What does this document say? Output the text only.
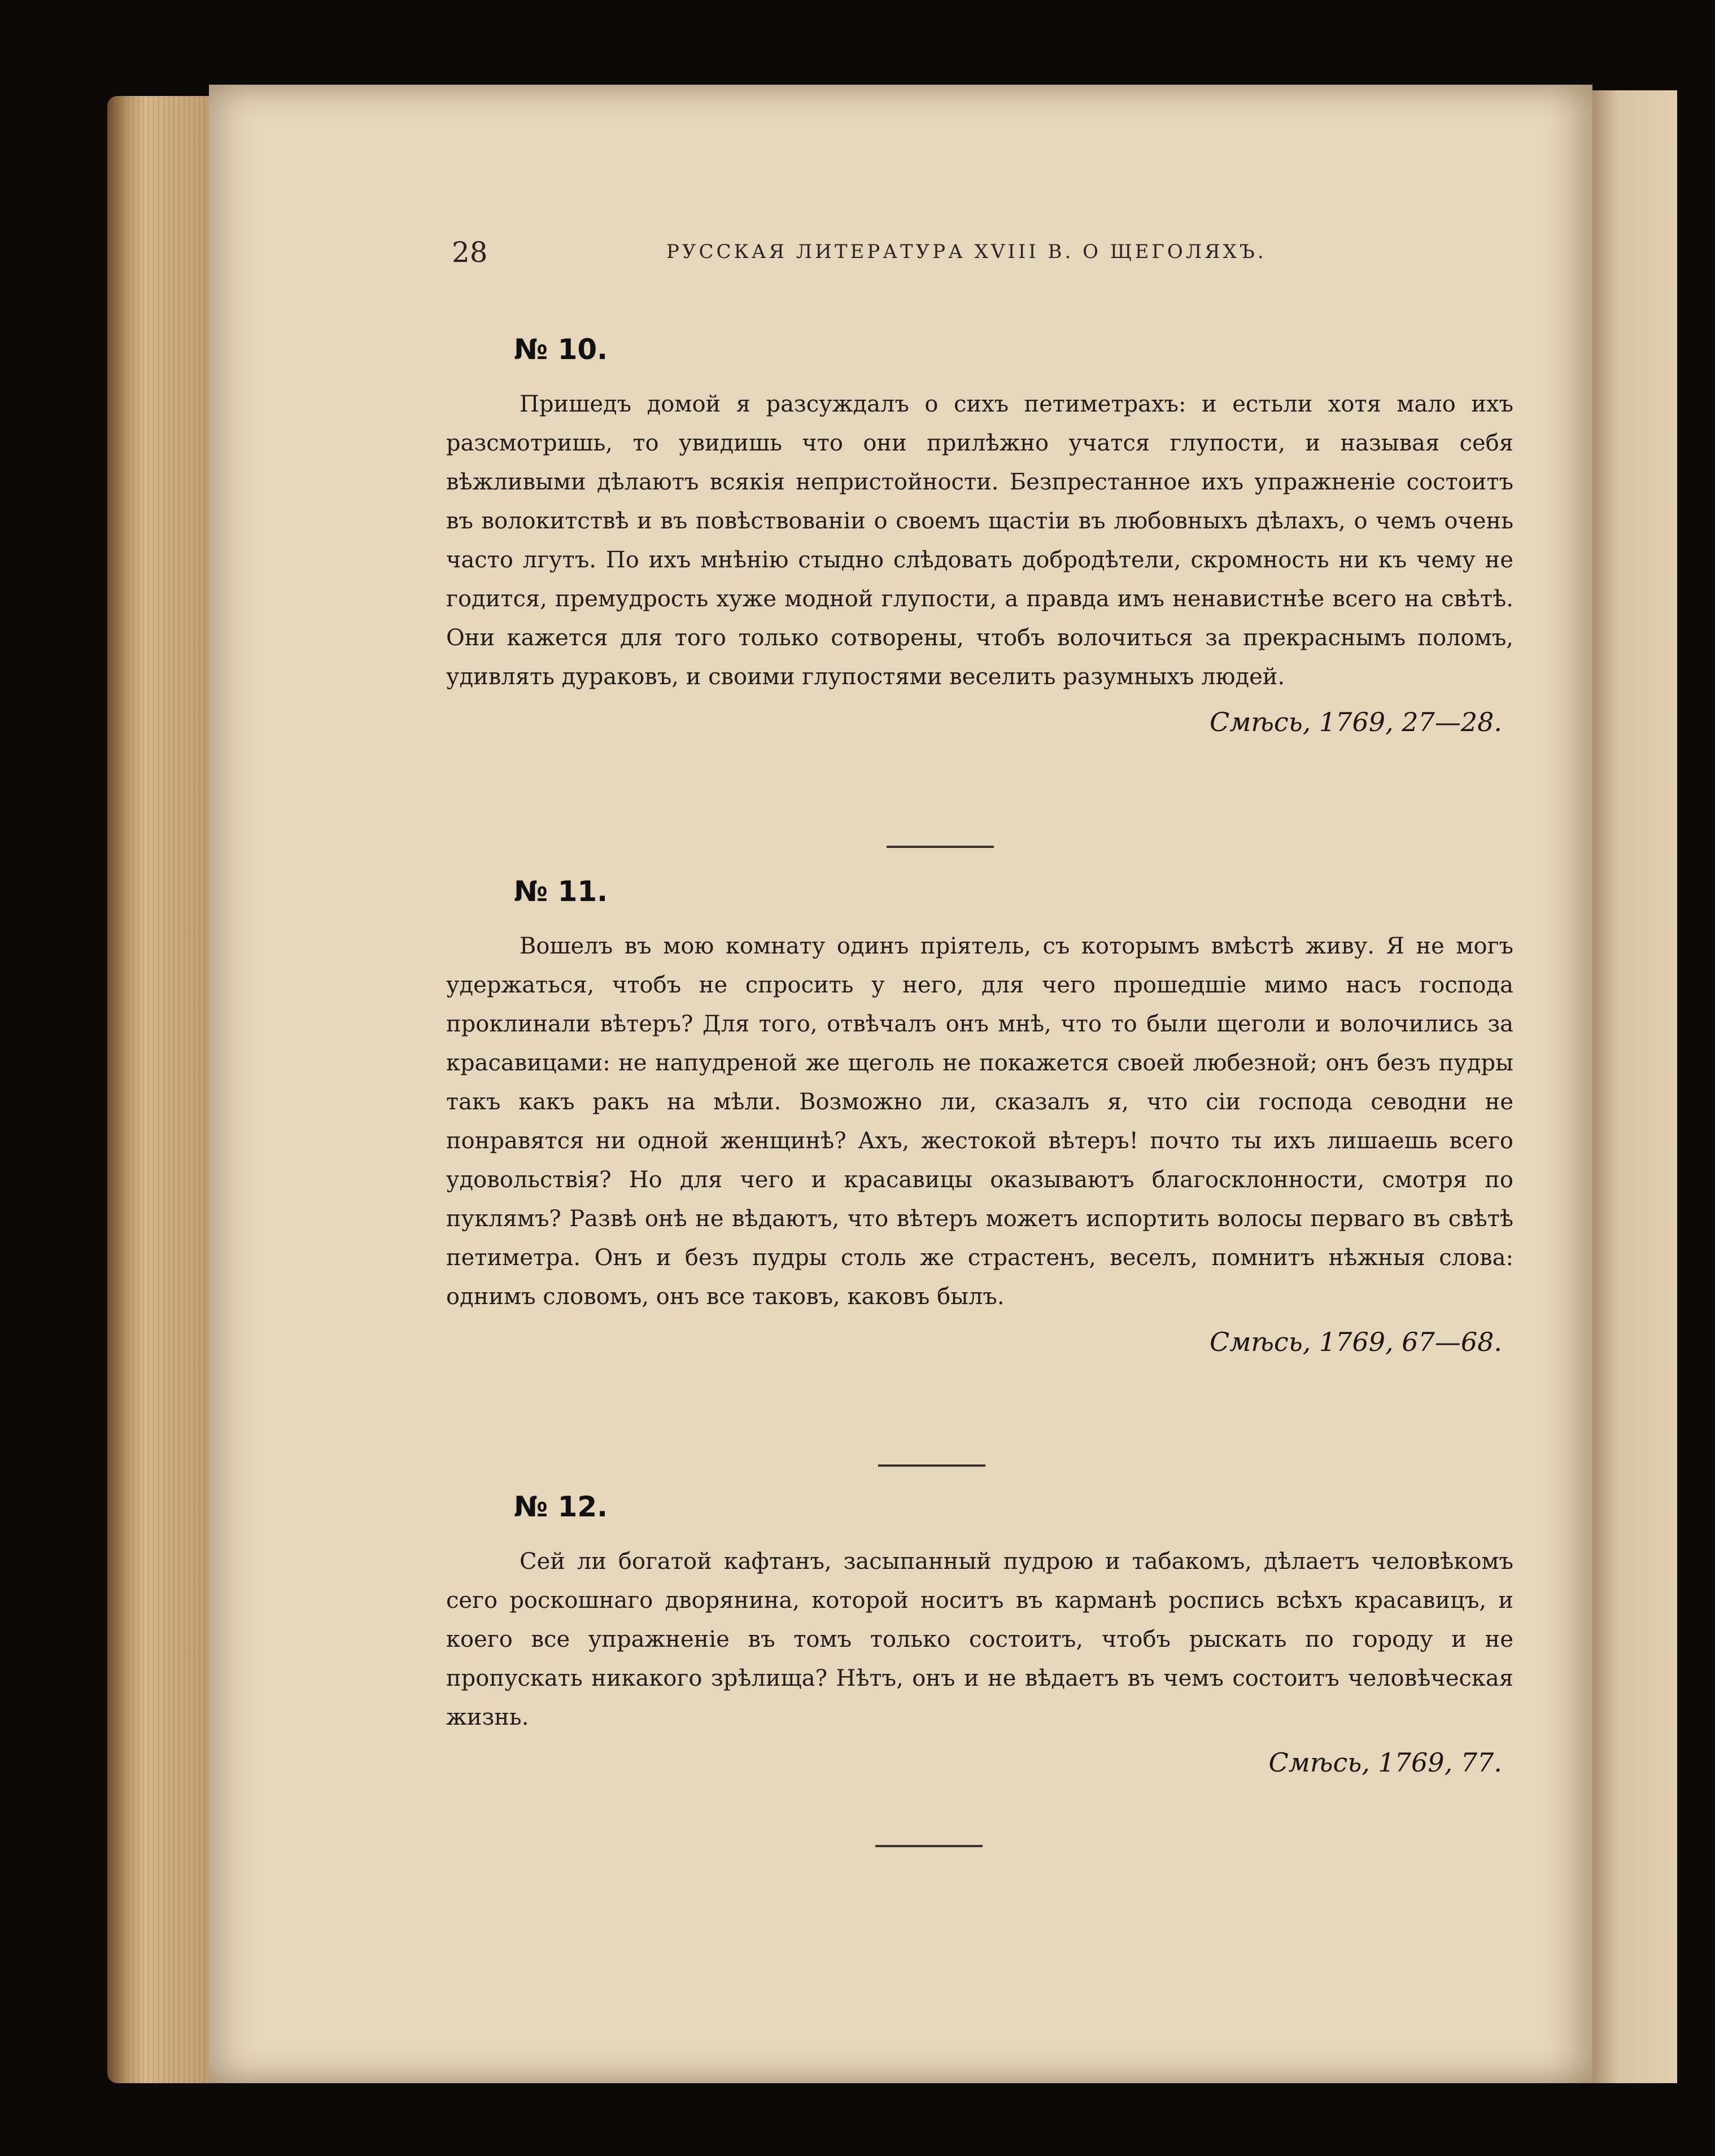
28	РУССКАЯ ЛИТЕРАТУРА XVIII В. О ЩЕГОЛЯХЪ.
№ 10.

Пришедъ домой я разсуждалъ о сихъ петиметрахъ: и естьли хотя мало ихъ разсмотришь, то увидишь что они прилѣжно учатся глупости, и называя себя вѣжливыми дѣлаютъ всякія непристойности. Безпрестанное ихъ упражненіе состоитъ въ волокитствѣ и въ повѣствованіи о своемъ щастіи въ любовныхъ дѣлахъ, о чемъ очень часто лгутъ. По ихъ мнѣнію стыдно слѣдовать добродѣтели, скромность ни къ чему не годится, премудрость хуже модной глупости, а правда имъ ненавистнѣе всего на свѣтѣ. Они кажется для того только сотворены, чтобъ волочиться за прекраснымъ поломъ, удивлять дураковъ, и своими глупостями веселить разумныхъ людей.

Смѣсь, 1769, 27—28.
№ 11.

Вошелъ въ мою комнату одинъ пріятель, съ которымъ вмѣстѣ живу. Я не могъ удержаться, чтобъ не спросить у него, для чего прошедшіе мимо насъ господа проклинали вѣтеръ? Для того, отвѣчалъ онъ мнѣ, что то были щеголи и волочились за красавицами: не напудреной же щеголь не покажется своей любезной; онъ безъ пудры такъ какъ ракъ на мѣли. Возможно ли, сказалъ я, что сіи господа севодни не понравятся ни одной женщинѣ? Ахъ, жестокой вѣтеръ! почто ты ихъ лишаешь всего удовольствія? Но для чего и красавицы оказываютъ благосклонности, смотря по пуклямъ? Развѣ онѣ не вѣдаютъ, что вѣтеръ можетъ испортить волосы перваго въ свѣтѣ петиметра. Онъ и безъ пудры столь же страстенъ, веселъ, помнитъ нѣжныя слова: однимъ словомъ, онъ все таковъ, каковъ былъ.

Смѣсь, 1769, 67—68.
№ 12.

Сей ли богатой кафтанъ, засыпанный пудрою и табакомъ, дѣлаетъ человѣкомъ сего роскошнаго дворянина, которой носитъ въ карманѣ роспись всѣхъ красавицъ, и коего все упражненіе въ томъ только состоитъ, чтобъ рыскать по городу и не пропускать никакого зрѣлища? Нѣтъ, онъ и не вѣдаетъ въ чемъ состоитъ человѣческая жизнь.

Смѣсь, 1769, 77.
